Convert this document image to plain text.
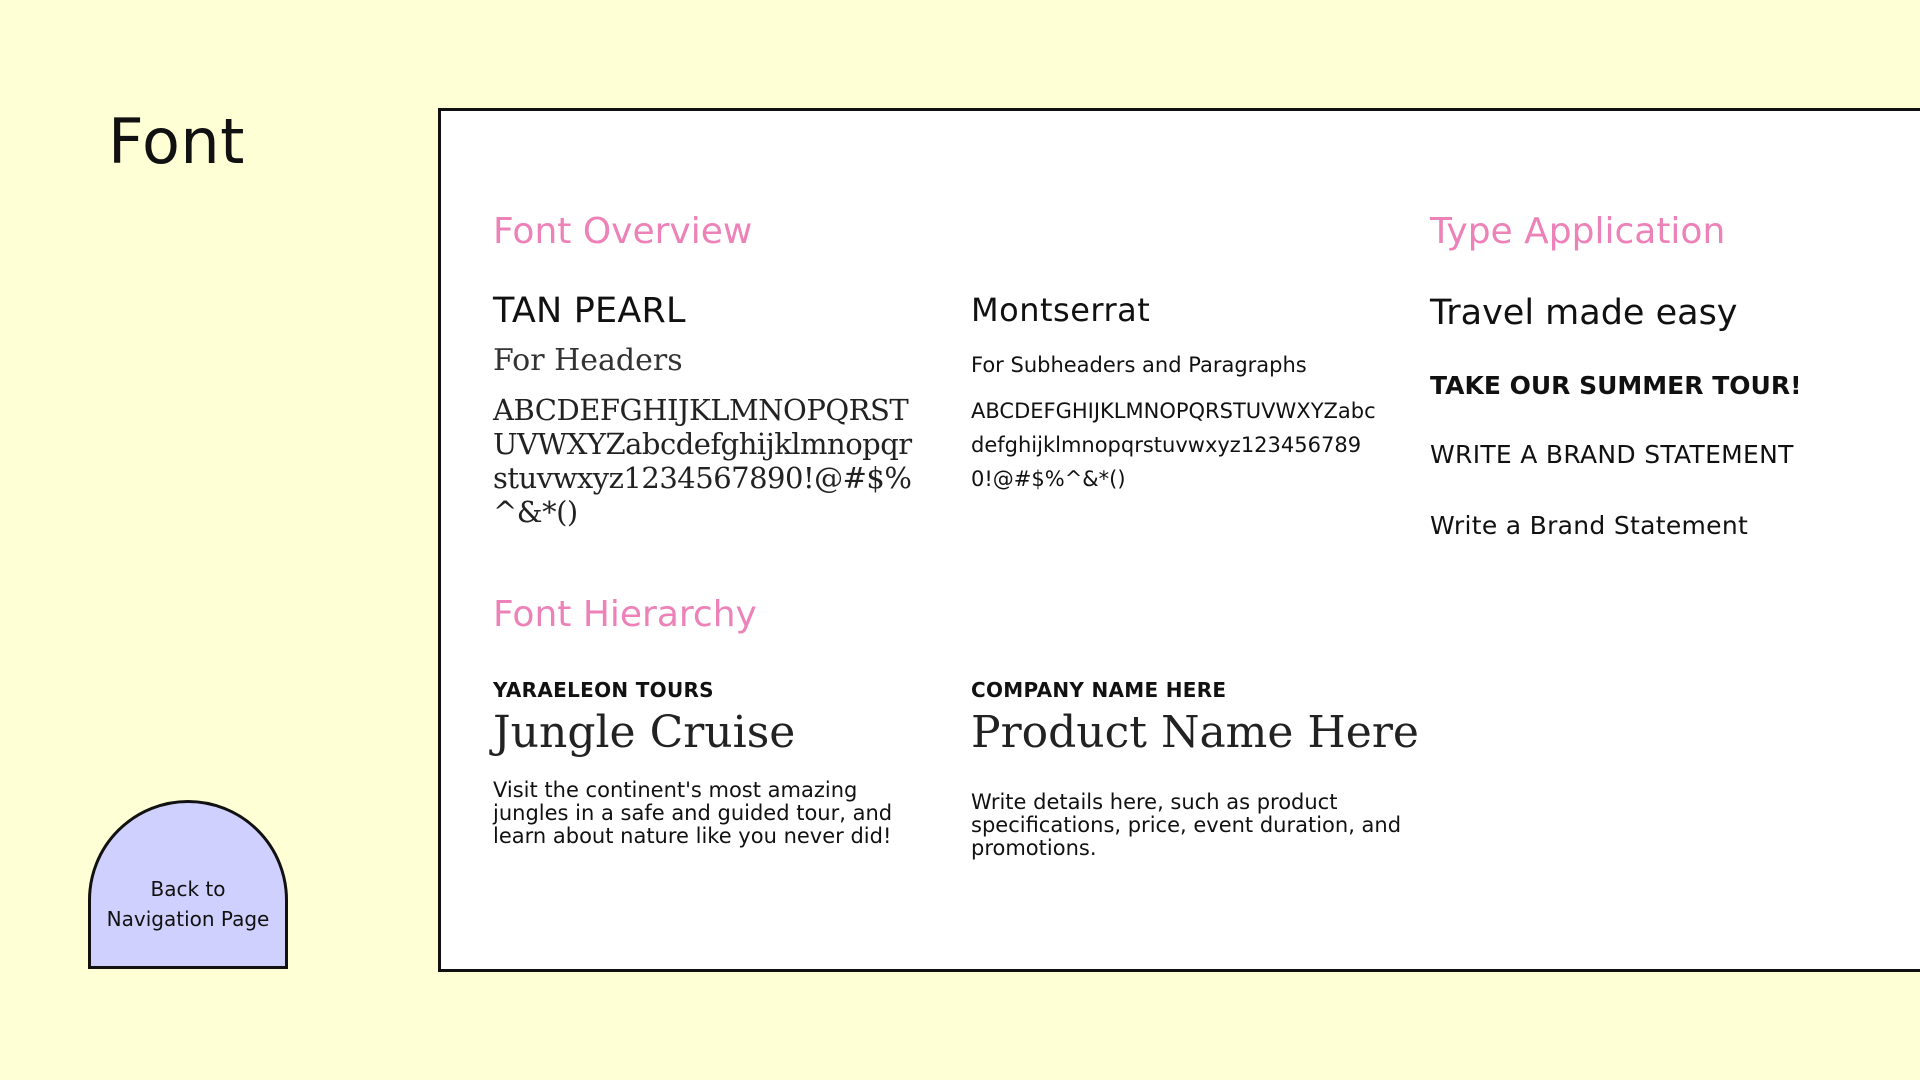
Font
Back to
Navigation Page
Font Overview
TAN PEARL
For Headers
ABCDEFGHIJKLMNOPQRSTUVWXYZabcdefghijklmnopqrstuvwxyz1234567890!@#$%^&*()
Montserrat
For Subheaders and Paragraphs
ABCDEFGHIJKLMNOPQRSTUVWXYZabcdefghijklmnopqrstuvwxyz1234567890!@#$%^&*()
Type Application
Travel made easy
TAKE OUR SUMMER TOUR!
WRITE A BRAND STATEMENT
Write a Brand Statement
Font Hierarchy
YARAELEON TOURS
Jungle Cruise
Visit the continent's most amazing jungles in a safe and guided tour, and learn about nature like you never did!
COMPANY NAME HERE
Product Name Here
Write details here, such as product specifications, price, event duration, and promotions.
